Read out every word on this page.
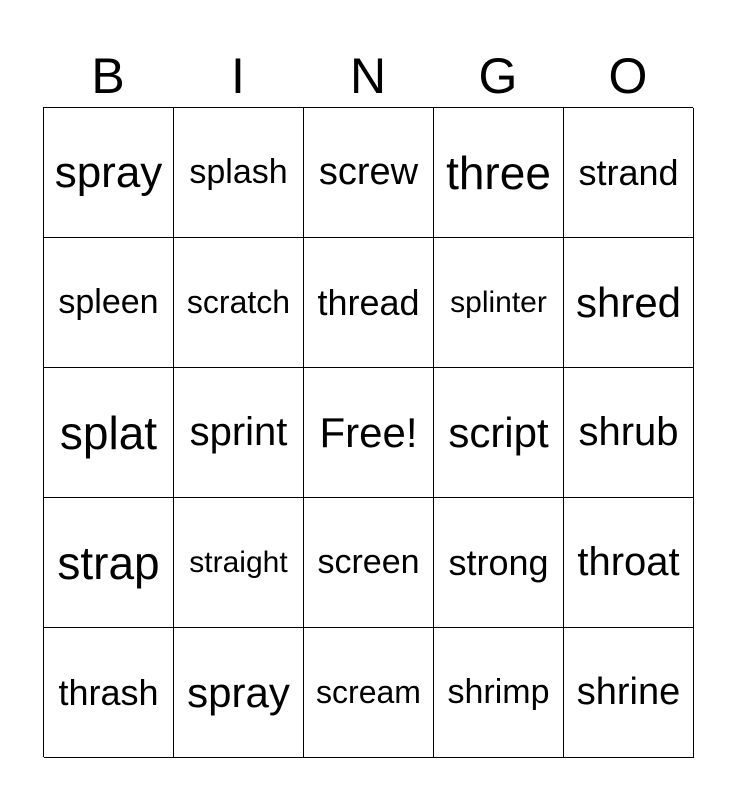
B	I	N	G	O
spray splash screw three strand
spleen scratch thread	splinter shred
splat sprint Free! script shrub
strap straight screen strong throat
thrash spray scream shrimp shrine
